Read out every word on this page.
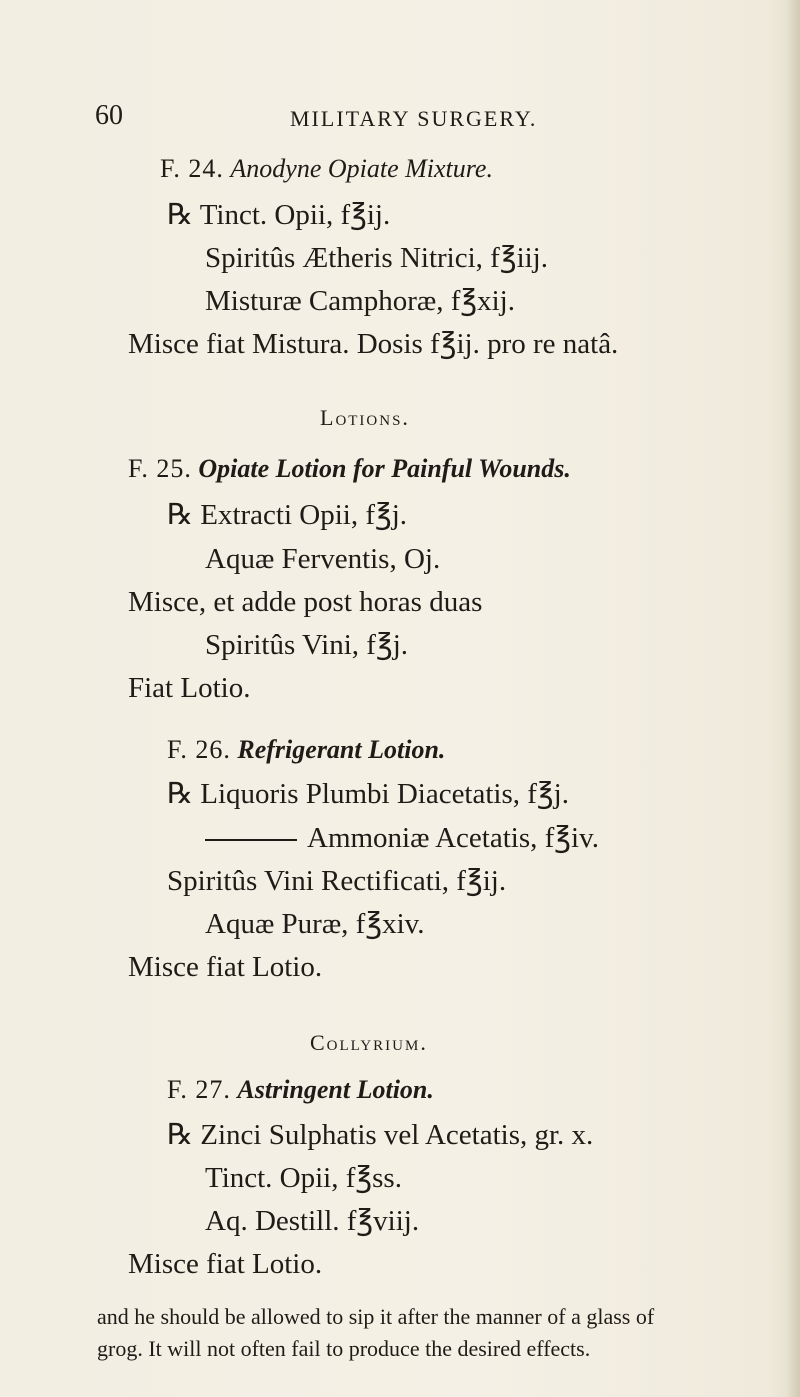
60	MILITARY SURGERY.
F. 24. Anodyne Opiate Mixture.
℞ Tinct. Opii, f℥ij.
Spiritûs Ætheris Nitrici, f℥iij.
Misturæ Camphoræ, f℥xij.
Misce fiat Mistura. Dosis f℥ij. pro re natâ.
Lotions.
F. 25. Opiate Lotion for Painful Wounds.
℞ Extracti Opii, f℥j.
Aquæ Ferventis, Oj.
Misce, et adde post horas duas
Spiritûs Vini, f℥j.
Fiat Lotio.
F. 26. Refrigerant Lotion.
℞ Liquoris Plumbi Diacetatis, f℥j.
Ammoniæ Acetatis, f℥iv.
Spiritûs Vini Rectificati, f℥ij.
Aquæ Puræ, f℥xiv.
Misce fiat Lotio.
Collyrium.
F. 27. Astringent Lotion.
℞ Zinci Sulphatis vel Acetatis, gr. x.
Tinct. Opii, f℥ss.
Aq. Destill. f℥viij.
Misce fiat Lotio.
and he should be allowed to sip it after the manner of a glass of
grog. It will not often fail to produce the desired effects.
